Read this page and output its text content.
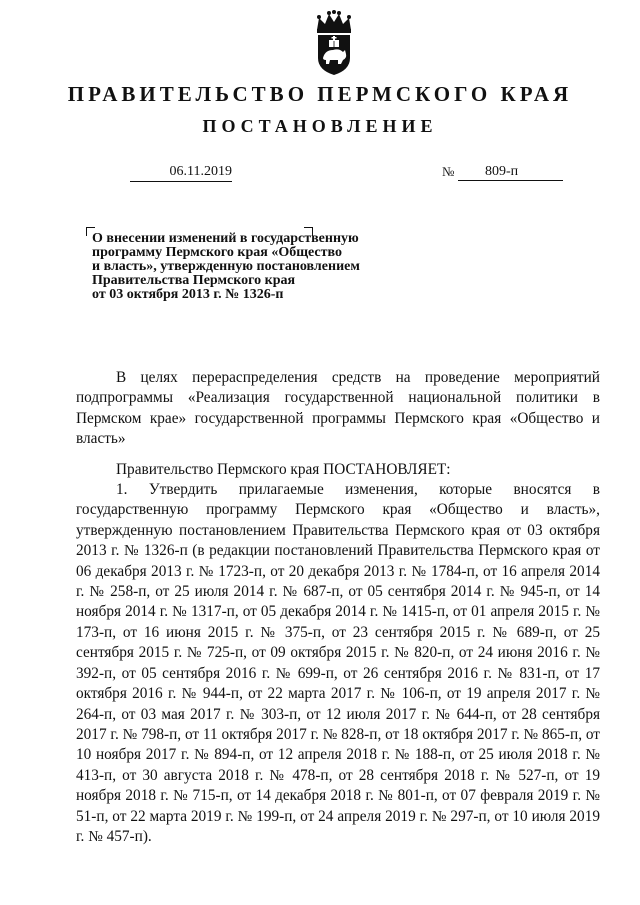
ПРАВИТЕЛЬСТВО ПЕРМСКОГО КРАЯ
ПОСТАНОВЛЕНИЕ
06.11.2019	№	809-п
О внесении изменений в государственную
программу Пермского края «Общество
и власть», утвержденную постановлением
Правительства Пермского края
от 03 октября 2013 г. № 1326-п

В целях перераспределения средств на проведение мероприятий подпрограммы «Реализация государственной национальной политики в Пермском крае» государственной программы Пермского края «Общество и власть»

Правительство Пермского края ПОСТАНОВЛЯЕТ:

1. Утвердить прилагаемые изменения, которые вносятся в государственную программу Пермского края «Общество и власть», утвержденную постановлением Правительства Пермского края от 03 октября 2013 г. № 1326-п (в редакции постановлений Правительства Пермского края от 06 декабря 2013 г. № 1723-п, от 20 декабря 2013 г. № 1784-п, от 16 апреля 2014 г. № 258-п, от 25 июля 2014 г. № 687-п, от 05 сентября 2014 г. № 945-п, от 14 ноября 2014 г. № 1317-п, от 05 декабря 2014 г. № 1415-п, от 01 апреля 2015 г. № 173-п, от 16 июня 2015 г. № 375-п, от 23 сентября 2015 г. № 689-п, от 25 сентября 2015 г. № 725-п, от 09 октября 2015 г. № 820-п, от 24 июня 2016 г. № 392-п, от 05 сентября 2016 г. № 699-п, от 26 сентября 2016 г. № 831-п, от 17 октября 2016 г. № 944-п, от 22 марта 2017 г. № 106-п, от 19 апреля 2017 г. № 264-п, от 03 мая 2017 г. № 303-п, от 12 июля 2017 г. № 644-п, от 28 сентября 2017 г. № 798-п, от 11 октября 2017 г. № 828-п, от 18 октября 2017 г. № 865-п, от 10 ноября 2017 г. № 894-п, от 12 апреля 2018 г. № 188-п, от 25 июля 2018 г. № 413-п, от 30 августа 2018 г. № 478-п, от 28 сентября 2018 г. № 527-п, от 19 ноября 2018 г. № 715-п, от 14 декабря 2018 г. № 801-п, от 07 февраля 2019 г. № 51-п, от 22 марта 2019 г. № 199-п, от 24 апреля 2019 г. № 297-п, от 10 июля 2019 г. № 457-п).
